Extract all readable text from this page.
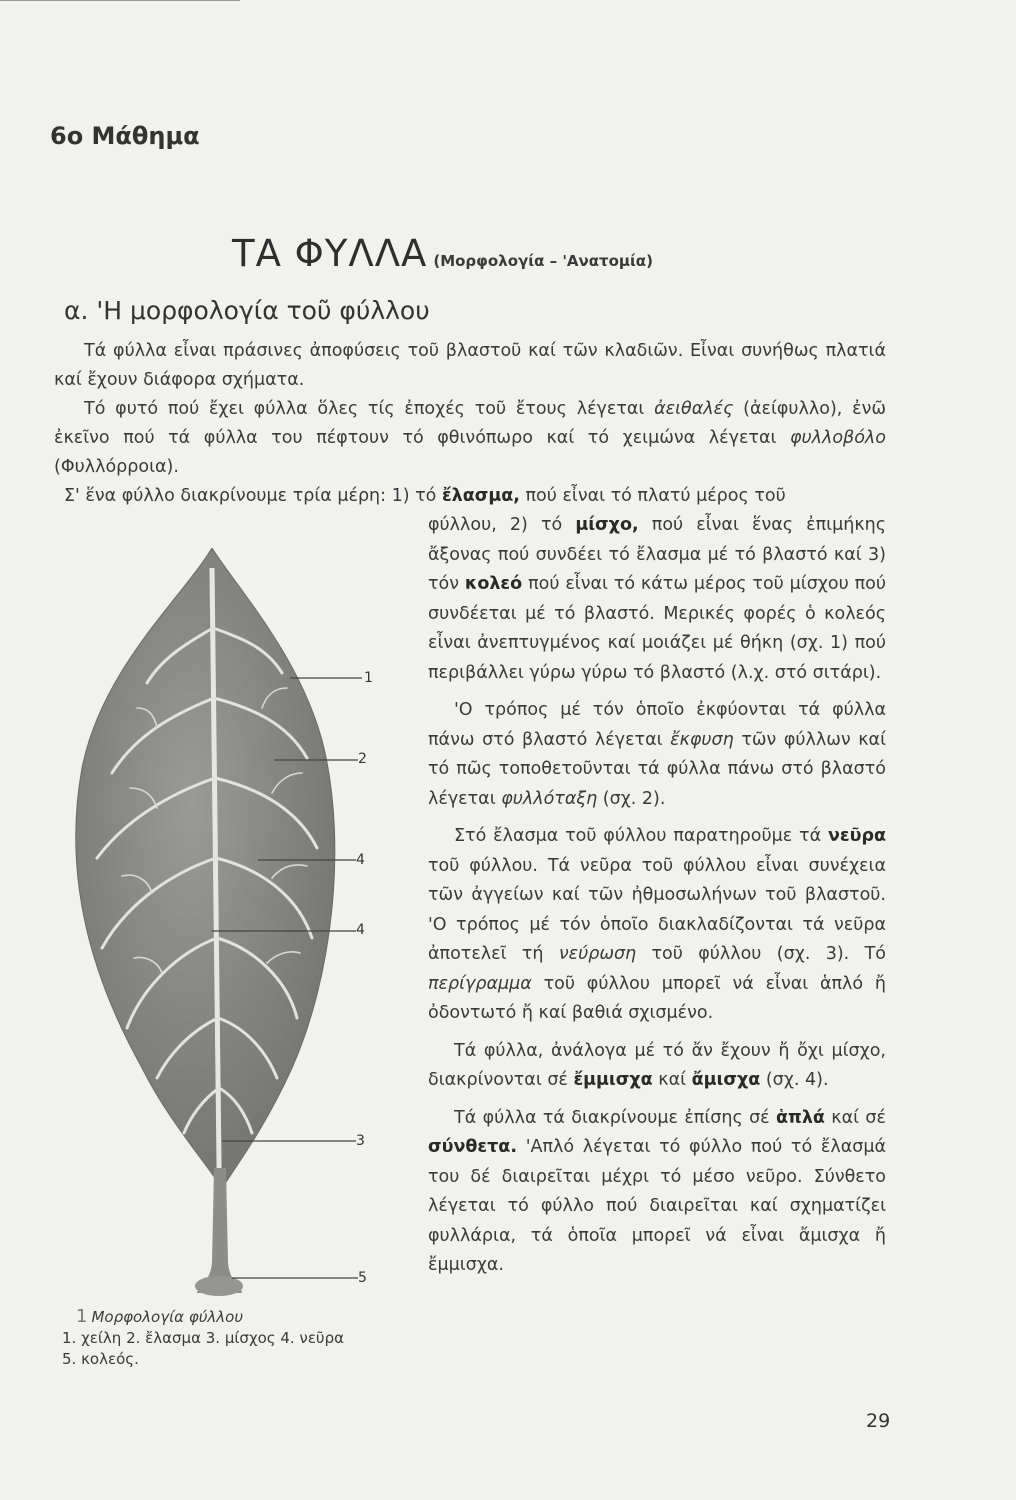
6ο Μάθημα
ΤΑ ΦΥΛΛΑ (Μορφολογία – 'Ανατομία)
α. 'Η μορφολογία τοῦ φύλλου
Τά φύλλα εἶναι πράσινες ἀποφύσεις τοῦ βλαστοῦ καί τῶν κλαδιῶν. Εἶναι συνήθως πλατιά καί ἔχουν διάφορα σχήματα.
Τό φυτό πού ἔχει φύλλα ὅλες τίς ἐποχές τοῦ ἔτους λέγεται ἀειθαλές (ἀείφυλλο), ἐνῶ ἐκεῖνο πού τά φύλλα του πέφτουν τό φθινόπωρο καί τό χειμώνα λέγεται φυλλοβόλο (Φυλλόρροια).
Σ' ἕνα φύλλο διακρίνουμε τρία μέρη: 1) τό ἔλασμα, πού εἶναι τό πλατύ μέρος τοῦ

φύλλου, 2) τό μίσχο, πού εἶναι ἕνας ἐπιμήκης ἄξονας πού συνδέει τό ἔλασμα μέ τό βλαστό καί 3) τόν κολεό πού εἶναι τό κάτω μέρος τοῦ μίσχου πού συνδέεται μέ τό βλαστό. Μερικές φορές ὁ κολεός εἶναι ἀνεπτυγμένος καί μοιάζει μέ θήκη (σχ. 1) πού περιβάλλει γύρω γύρω τό βλαστό (λ.χ. στό σιτάρι).

'Ο τρόπος μέ τόν ὁποῖο ἐκφύονται τά φύλλα πάνω στό βλαστό λέγεται ἔκφυση τῶν φύλλων καί τό πῶς τοποθετοῦνται τά φύλλα πάνω στό βλαστό λέγεται φυλλόταξη (σχ. 2).

Στό ἔλασμα τοῦ φύλλου παρατηροῦμε τά νεῦρα τοῦ φύλλου. Τά νεῦρα τοῦ φύλλου εἶναι συνέχεια τῶν ἀγγείων καί τῶν ἠθμοσωλήνων τοῦ βλαστοῦ. 'Ο τρόπος μέ τόν ὁποῖο διακλαδίζονται τά νεῦρα ἀποτελεῖ τή νεύρωση τοῦ φύλλου (σχ. 3). Τό περίγραμμα τοῦ φύλλου μπορεῖ νά εἶναι ἁπλό ἤ ὀδοντωτό ἤ καί βαθιά σχισμένο.

Τά φύλλα, ἀνάλογα μέ τό ἄν ἔχουν ἤ ὄχι μίσχο, διακρίνονται σέ ἔμμισχα καί ἄμισχα (σχ. 4).

Τά φύλλα τά διακρίνουμε ἐπίσης σέ ἁπλά καί σέ σύνθετα. 'Απλό λέγεται τό φύλλο πού τό ἔλασμά του δέ διαιρεῖται μέχρι τό μέσο νεῦρο. Σύνθετο λέγεται τό φύλλο πού διαιρεῖται καί σχηματίζει φυλλάρια, τά ὁποῖα μπορεῖ νά εἶναι ἄμισχα ἤ ἔμμισχα.

1
2
4
4
3
5
1 Μορφολογία φύλλου
1. χείλη 2. ἔλασμα 3. μίσχος 4. νεῦρα
5. κολεός.
29
